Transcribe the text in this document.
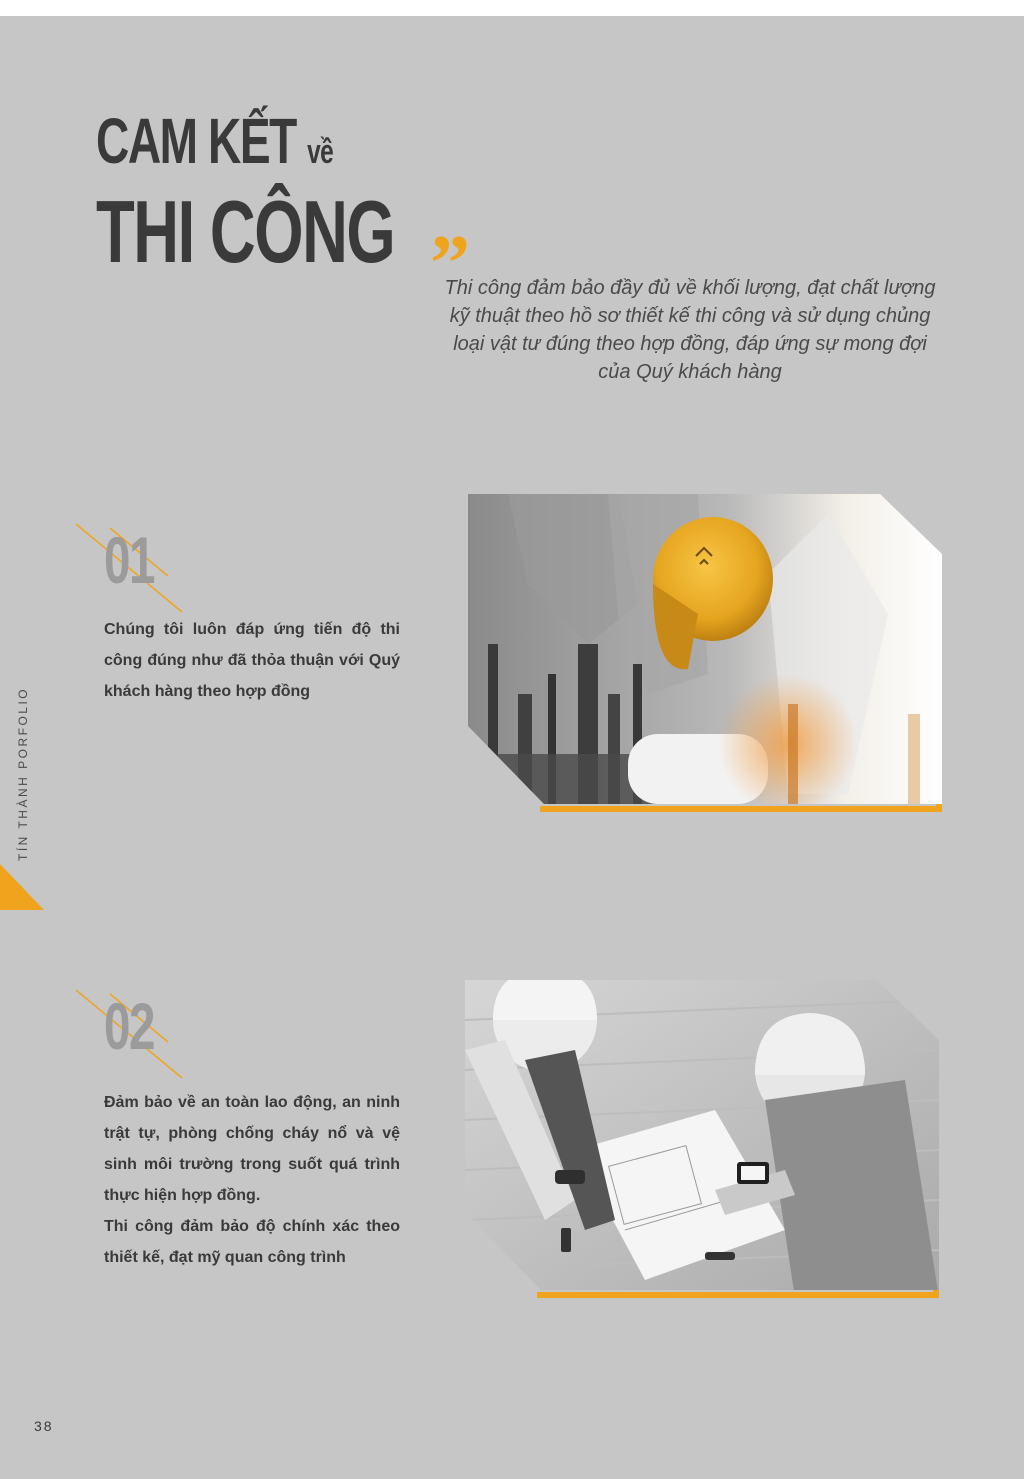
CAM KẾT về
THI CÔNG ”
Thi công đảm bảo đầy đủ về khối lượng, đạt chất lượng kỹ thuật theo hồ sơ thiết kế thi công và sử dụng chủng loại vật tư đúng theo hợp đồng, đáp ứng sự mong đợi của Quý khách hàng
01
Chúng tôi luôn đáp ứng tiến độ thi công đúng như đã thỏa thuận với Quý khách hàng theo hợp đồng
02
Đảm bảo về an toàn lao động, an ninh trật tự, phòng chống cháy nổ và vệ sinh môi trường trong suốt quá trình thực hiện hợp đồng.
Thi công đảm bảo độ chính xác theo thiết kế, đạt mỹ quan công trình
TÍN THÀNH PORFOLIO
38
